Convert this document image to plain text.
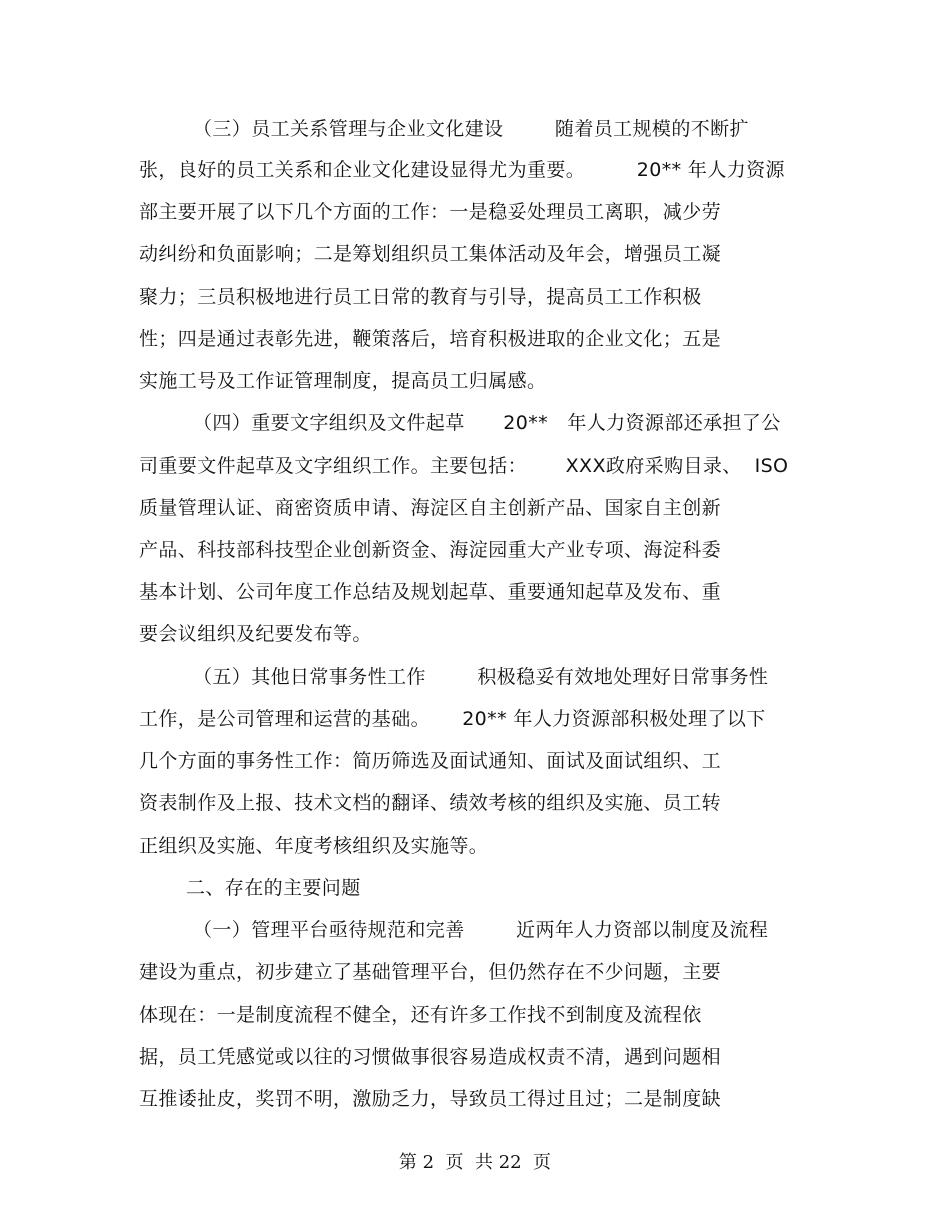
（三）员工关系管理与企业文化建设        随着员工规模的不断扩
张，良好的员工关系和企业文化建设显得尤为重要。        20** 年人力资源
部主要开展了以下几个方面的工作：一是稳妥处理员工离职，减少劳
动纠纷和负面影响；二是筹划组织员工集体活动及年会，增强员工凝
聚力；三员积极地进行员工日常的教育与引导，提高员工工作积极
性；四是通过表彰先进，鞭策落后，培育积极进取的企业文化；五是
实施工号及工作证管理制度，提高员工归属感。
（四）重要文字组织及文件起草      20**   年人力资源部还承担了公
司重要文件起草及文字组织工作。主要包括：      XXX政府采购目录、  ISO
质量管理认证、商密资质申请、海淀区自主创新产品、国家自主创新
产品、科技部科技型企业创新资金、海淀园重大产业专项、海淀科委
基本计划、公司年度工作总结及规划起草、重要通知起草及发布、重
要会议组织及纪要发布等。
（五）其他日常事务性工作        积极稳妥有效地处理好日常事务性
工作，是公司管理和运营的基础。     20** 年人力资源部积极处理了以下
几个方面的事务性工作：简历筛选及面试通知、面试及面试组织、工
资表制作及上报、技术文档的翻译、绩效考核的组织及实施、员工转
正组织及实施、年度考核组织及实施等。
二、存在的主要问题
（一）管理平台亟待规范和完善        近两年人力资部以制度及流程
建设为重点，初步建立了基础管理平台，但仍然存在不少问题，主要
体现在：一是制度流程不健全，还有许多工作找不到制度及流程依
据，员工凭感觉或以往的习惯做事很容易造成权责不清，遇到问题相
互推诿扯皮，奖罚不明，激励乏力，导致员工得过且过；二是制度缺
第 2  页  共 22  页
